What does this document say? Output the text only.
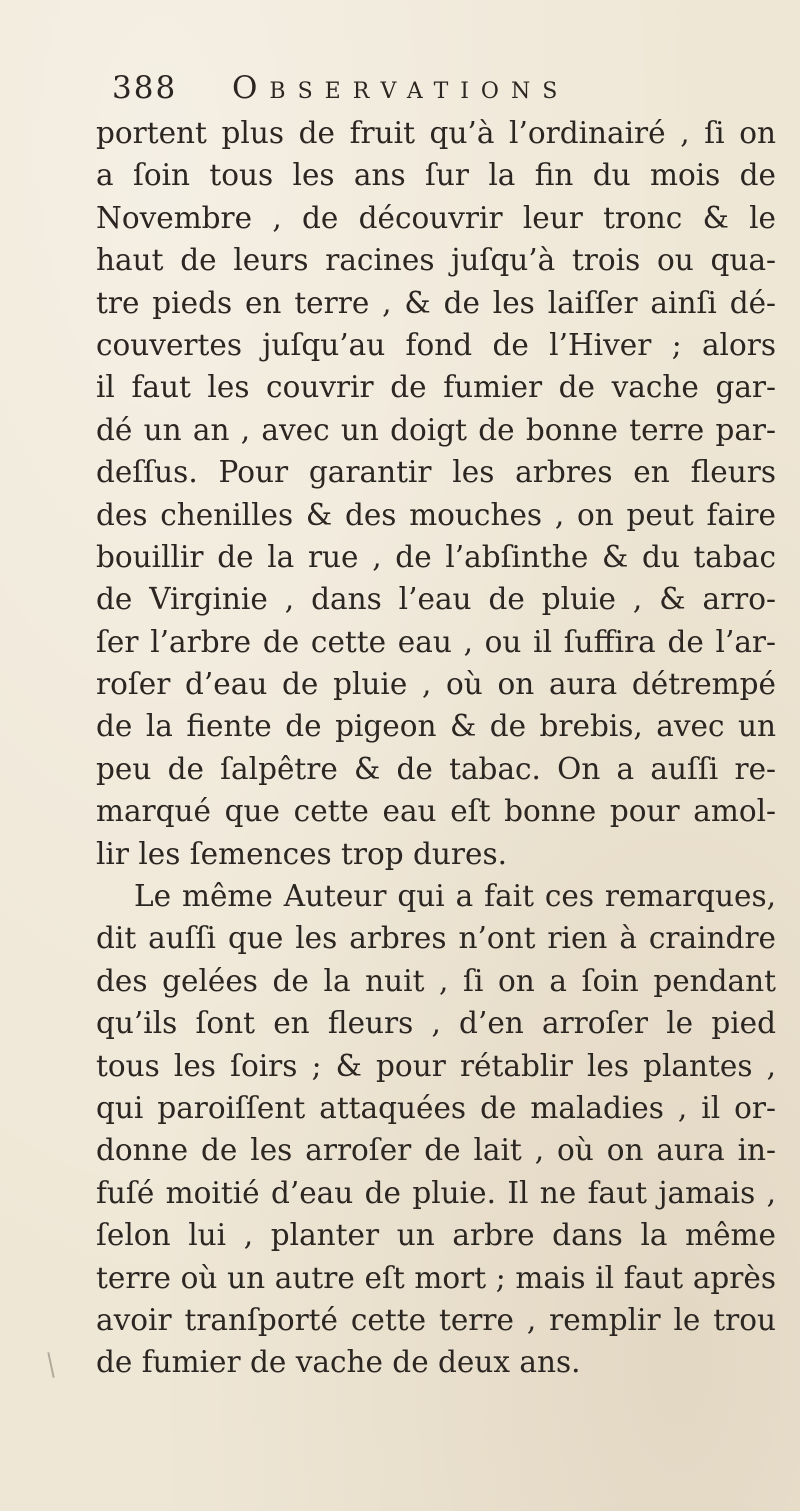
388	Observations
portent plus de fruit qu’à l’ordinairé , ſi on
a ſoin tous les ans ſur la fin du mois de
Novembre , de découvrir leur tronc & le
haut de leurs racines juſqu’à trois ou qua-
tre pieds en terre , & de les laiſſer ainſi dé-
couvertes juſqu’au fond de l’Hiver ; alors
il faut les couvrir de fumier de vache gar-
dé un an , avec un doigt de bonne terre par-
deſſus. Pour garantir les arbres en fleurs
des chenilles & des mouches , on peut faire
bouillir de la rue , de l’abſinthe & du tabac
de Virginie , dans l’eau de pluie , & arro-
ſer l’arbre de cette eau , ou il ſuffira de l’ar-
roſer d’eau de pluie , où on aura détrempé
de la fiente de pigeon & de brebis, avec un
peu de ſalpêtre & de tabac. On a auſſi re-
marqué que cette eau eſt bonne pour amol-
lir les ſemences trop dures.
Le même Auteur qui a fait ces remarques,
dit auſſi que les arbres n’ont rien à craindre
des gelées de la nuit , ſi on a ſoin pendant
qu’ils ſont en fleurs , d’en arroſer le pied
tous les ſoirs ; & pour rétablir les plantes ,
qui paroiſſent attaquées de maladies , il or-
donne de les arroſer de lait , où on aura in-
fuſé moitié d’eau de pluie. Il ne faut jamais ,
ſelon lui , planter un arbre dans la même
terre où un autre eſt mort ; mais il faut après
avoir tranſporté cette terre , remplir le trou
de fumier de vache de deux ans.
